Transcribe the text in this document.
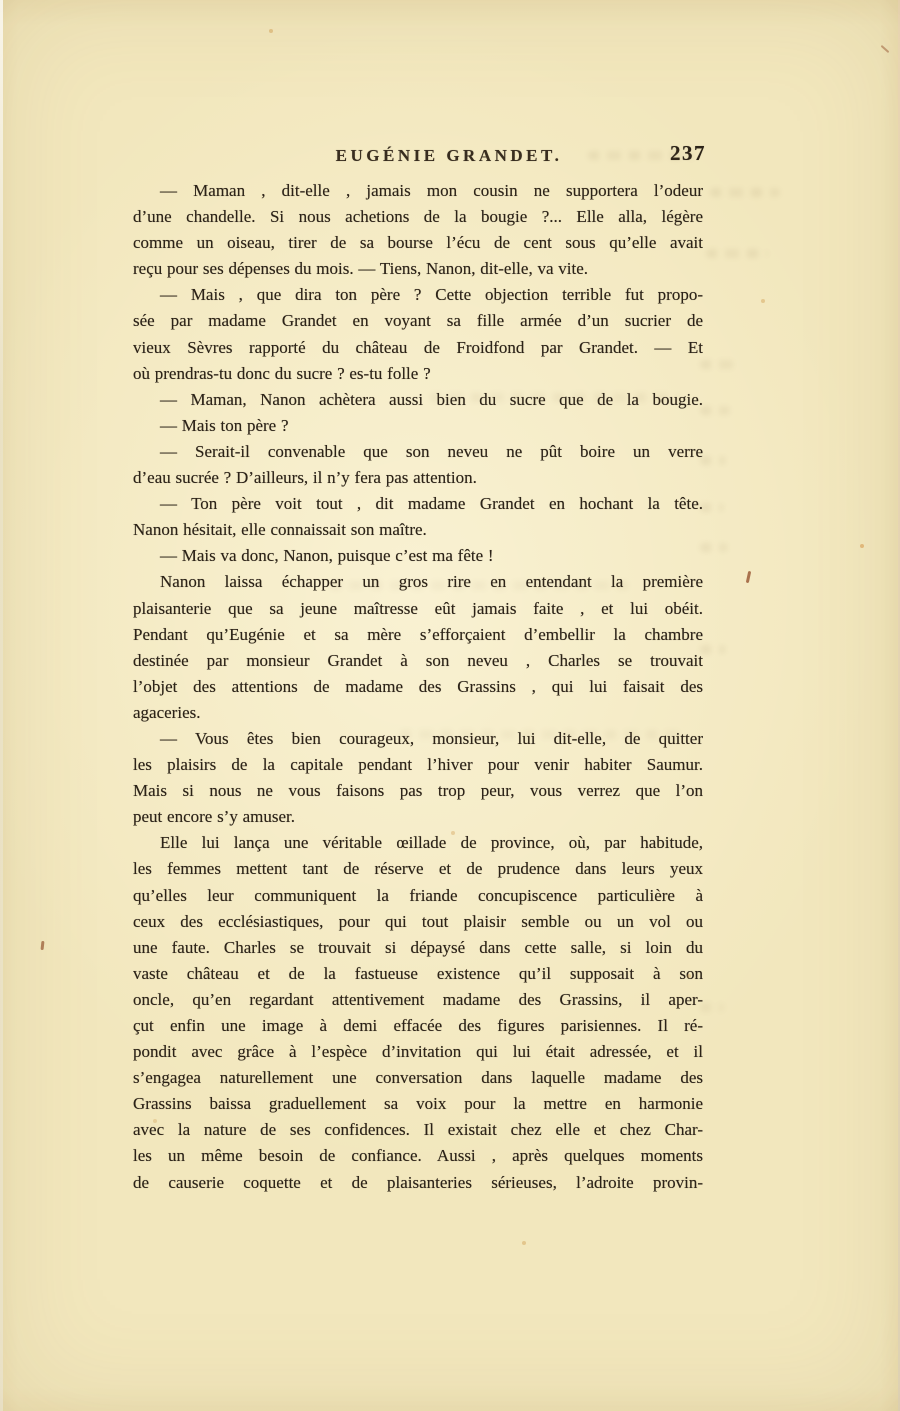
EUGÉNIE GRANDET.	237
— Maman , dit-elle , jamais mon cousin ne supportera l’odeur
d’une chandelle. Si nous achetions de la bougie ?... Elle alla, légère
comme un oiseau, tirer de sa bourse l’écu de cent sous qu’elle avait
reçu pour ses dépenses du mois. — Tiens, Nanon, dit-elle, va vite.
— Mais , que dira ton père ? Cette objection terrible fut propo-
sée par madame Grandet en voyant sa fille armée d’un sucrier de
vieux Sèvres rapporté du château de Froidfond par Grandet. — Et
où prendras-tu donc du sucre ? es-tu folle ?
— Maman, Nanon achètera aussi bien du sucre que de la bougie.
— Mais ton père ?
— Serait-il convenable que son neveu ne pût boire un verre
d’eau sucrée ? D’ailleurs, il n’y fera pas attention.
— Ton père voit tout , dit madame Grandet en hochant la tête.
Nanon hésitait, elle connaissait son maître.
— Mais va donc, Nanon, puisque c’est ma fête !
Nanon laissa échapper un gros rire en entendant la première
plaisanterie que sa jeune maîtresse eût jamais faite , et lui obéit.
Pendant qu’Eugénie et sa mère s’efforçaient d’embellir la chambre
destinée par monsieur Grandet à son neveu , Charles se trouvait
l’objet des attentions de madame des Grassins , qui lui faisait des
agaceries.
— Vous êtes bien courageux, monsieur, lui dit-elle, de quitter
les plaisirs de la capitale pendant l’hiver pour venir habiter Saumur.
Mais si nous ne vous faisons pas trop peur, vous verrez que l’on
peut encore s’y amuser.
Elle lui lança une véritable œillade de province, où, par habitude,
les femmes mettent tant de réserve et de prudence dans leurs yeux
qu’elles leur communiquent la friande concupiscence particulière à
ceux des ecclésiastiques, pour qui tout plaisir semble ou un vol ou
une faute. Charles se trouvait si dépaysé dans cette salle, si loin du
vaste château et de la fastueuse existence qu’il supposait à son
oncle, qu’en regardant attentivement madame des Grassins, il aper-
çut enfin une image à demi effacée des figures parisiennes. Il ré-
pondit avec grâce à l’espèce d’invitation qui lui était adressée, et il
s’engagea naturellement une conversation dans laquelle madame des
Grassins baissa graduellement sa voix pour la mettre en harmonie
avec la nature de ses confidences. Il existait chez elle et chez Char-
les un même besoin de confiance. Aussi , après quelques moments
de causerie coquette et de plaisanteries sérieuses, l’adroite provin-
